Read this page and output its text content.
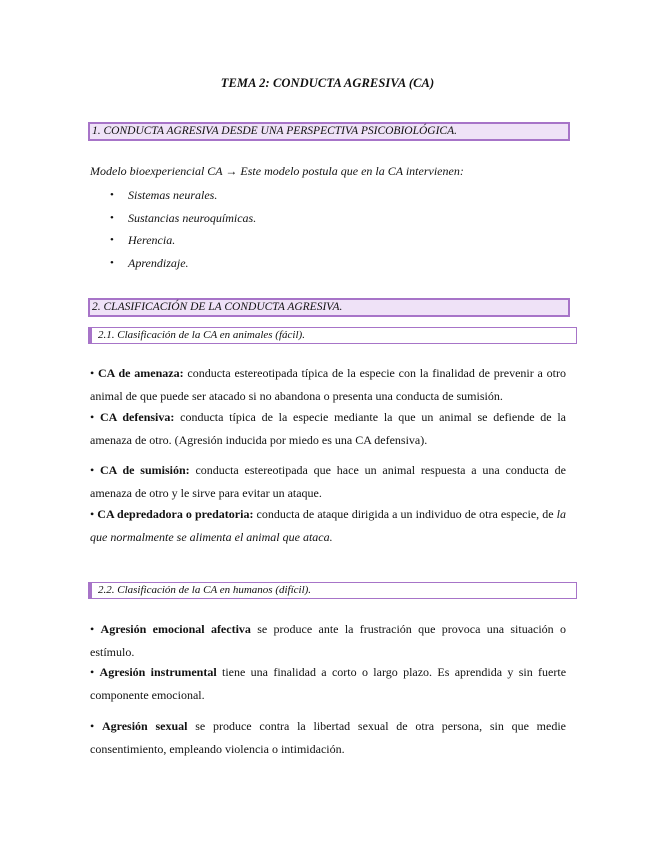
TEMA 2: CONDUCTA AGRESIVA (CA)
1. CONDUCTA AGRESIVA DESDE UNA PERSPECTIVA PSICOBIOLÓGICA.
Modelo bioexperiencial CA → Este modelo postula que en la CA intervienen:
• Sistemas neurales.
• Sustancias neuroquímicas.
• Herencia.
• Aprendizaje.
2. CLASIFICACIÓN DE LA CONDUCTA AGRESIVA.
2.1. Clasificación de la CA en animales (fácil).
• CA de amenaza: conducta estereotipada típica de la especie con la finalidad de prevenir a otro animal de que puede ser atacado si no abandona o presenta una conducta de sumisión.
• CA defensiva: conducta típica de la especie mediante la que un animal se defiende de la amenaza de otro. (Agresión inducida por miedo es una CA defensiva).
• CA de sumisión: conducta estereotipada que hace un animal respuesta a una conducta de amenaza de otro y le sirve para evitar un ataque.
• CA depredadora o predatoria: conducta de ataque dirigida a un individuo de otra especie, de la que normalmente se alimenta el animal que ataca.
2.2. Clasificación de la CA en humanos (difícil).
• Agresión emocional afectiva se produce ante la frustración que provoca una situación o estímulo.
• Agresión instrumental tiene una finalidad a corto o largo plazo. Es aprendida y sin fuerte componente emocional.
• Agresión sexual se produce contra la libertad sexual de otra persona, sin que medie consentimiento, empleando violencia o intimidación.
